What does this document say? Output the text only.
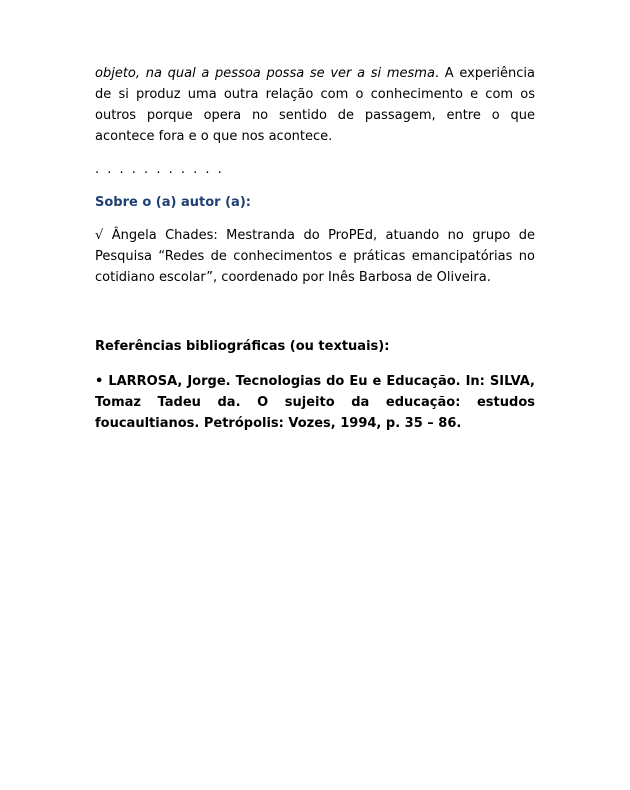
objeto, na qual a pessoa possa se ver a si mesma. A experiência de si produz uma outra relação com o conhecimento e com os outros porque opera no sentido de passagem, entre o que acontece fora e o que nos acontece.

. . . . . . . . . . .
Sobre o (a) autor (a):

√ Ângela Chades: Mestranda do ProPEd, atuando no grupo de Pesquisa “Redes de conhecimentos e práticas emancipatórias no cotidiano escolar”, coordenado por Inês Barbosa de Oliveira.

Referências bibliográficas (ou textuais):

• LARROSA, Jorge. Tecnologias do Eu e Educação. In: SILVA, Tomaz Tadeu da. O sujeito da educação: estudos foucaultianos. Petrópolis: Vozes, 1994, p. 35 – 86.
